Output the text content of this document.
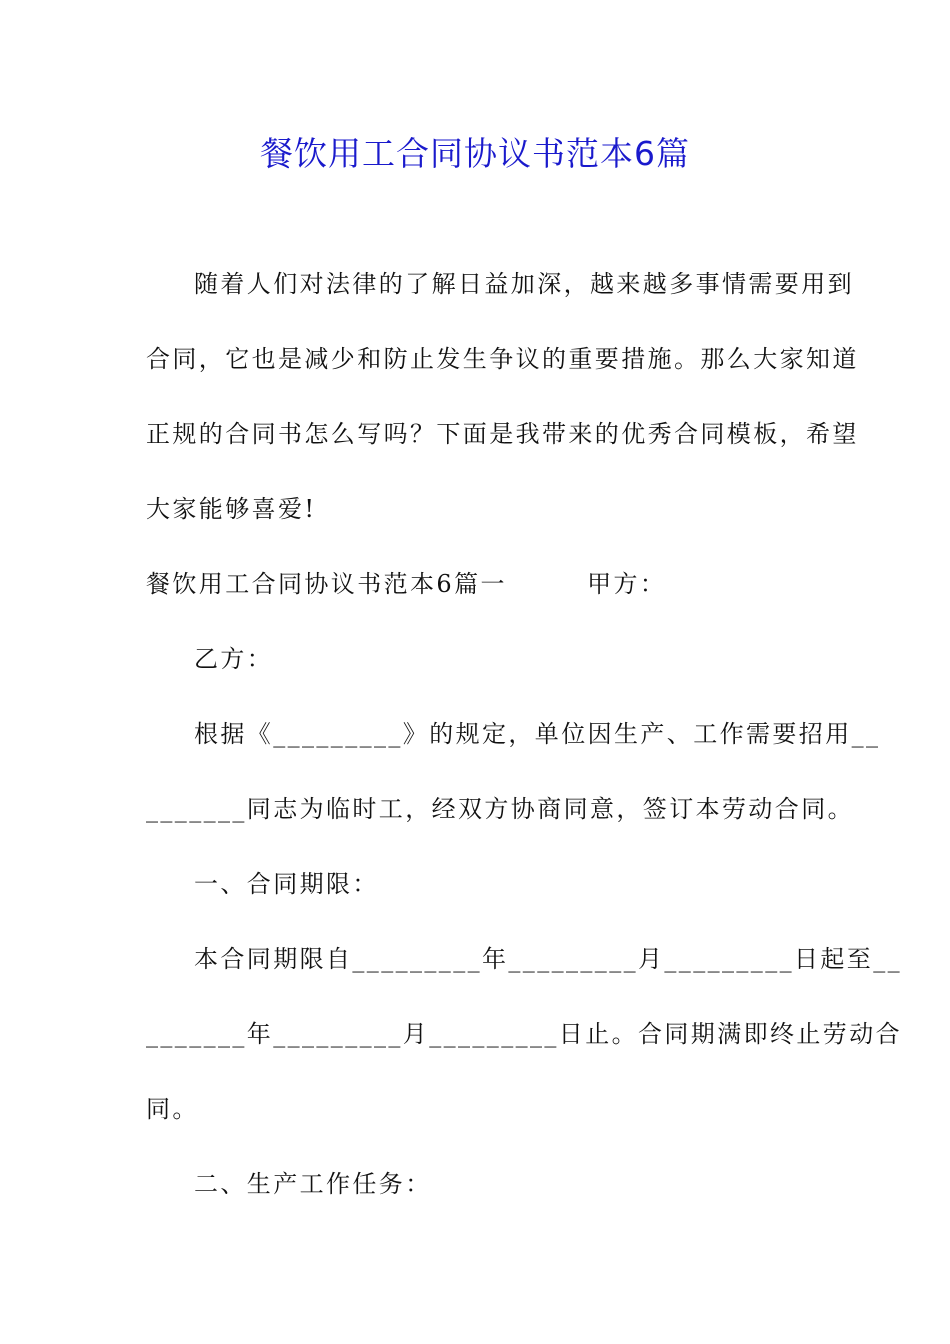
餐饮用工合同协议书范本6篇
随着人们对法律的了解日益加深，越来越多事情需要用到
合同，它也是减少和防止发生争议的重要措施。那么大家知道
正规的合同书怎么写吗？下面是我带来的优秀合同模板，希望
大家能够喜爱!
餐饮用工合同协议书范本6篇一        甲方：
乙方：
根据《_________》的规定，单位因生产、工作需要招用__
_______同志为临时工，经双方协商同意，签订本劳动合同。
一、合同期限：
本合同期限自_________年_________月_________日起至__
_______年_________月_________日止。合同期满即终止劳动合
同。
二、生产工作任务：
